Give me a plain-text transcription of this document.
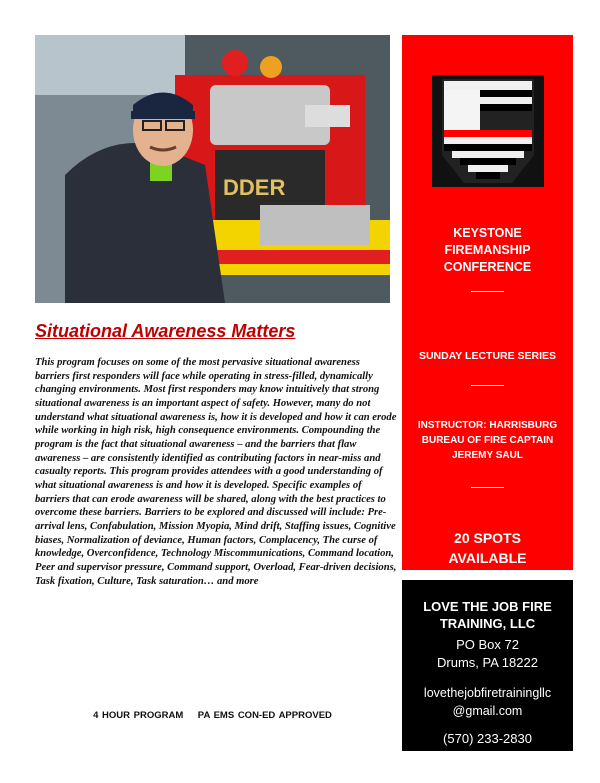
DDER
KEYSTONE
FIREMANSHIP
CONFERENCE
SUNDAY LECTURE SERIES
INSTRUCTOR: HARRISBURG
BUREAU OF FIRE CAPTAIN
JEREMY SAUL
20 SPOTS
AVAILABLE
LOVE THE JOB FIRE
TRAINING, LLC
PO Box 72
Drums, PA 18222
lovethejobfiretrainingllc
@gmail.com
(570) 233-2830
Situational Awareness Matters

This program focuses on some of the most pervasive situational awareness barriers first responders will face while operating in stress-filled, dynamically changing environments. Most first responders may know intuitively that strong situational awareness is an important aspect of safety. However, many do not understand what situational awareness is, how it is developed and how it can erode while working in high risk, high consequence environments. Compounding the program is the fact that situational awareness – and the barriers that flaw awareness – are consistently identified as contributing factors in near-miss and casualty reports. This program provides attendees with a good understanding of what situational awareness is and how it is developed. Specific examples of barriers that can erode awareness will be shared, along with the best practices to overcome these barriers. Barriers to be explored and discussed will include: Pre-arrival lens, Confabulation, Mission Myopia, Mind drift, Staffing issues, Cognitive biases, Normalization of deviance, Human factors, Complacency, The curse of knowledge, Overconfidence, Technology Miscommunications, Command location, Peer and supervisor pressure, Command support, Overload, Fear-driven decisions, Task fixation, Culture, Task saturation… and more

4 HOUR PROGRAM    PA EMS CON-ED APPROVED
